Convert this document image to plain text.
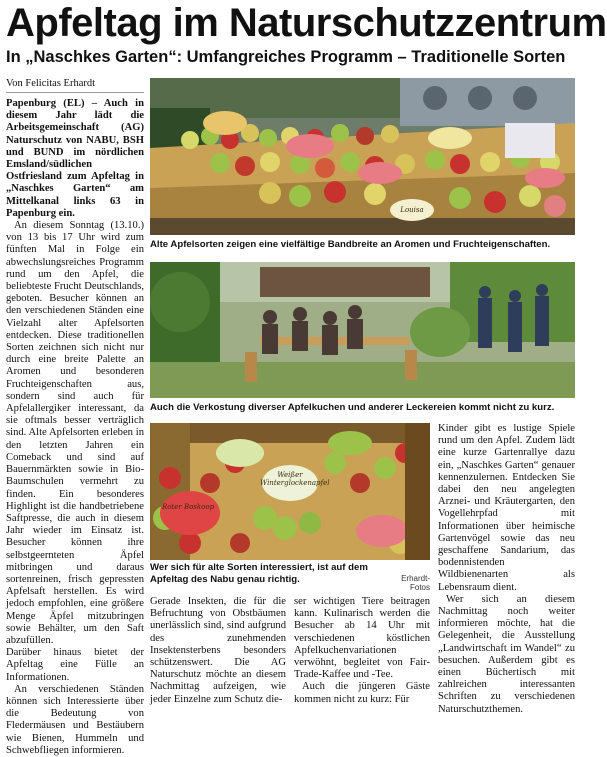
Apfeltag im Naturschutzzentrum
In „Naschkes Garten“: Umfangreiches Programm – Traditionelle Sorten
Von Felicitas Erhardt

Papenburg (EL) – Auch in diesem Jahr lädt die Arbeitsgemeinschaft (AG) Naturschutz von NABU, BSH und BUND im nördlichen Emsland/südlichen Ostfriesland zum Apfeltag in „Naschkes Garten“ am Mittelkanal links 63 in Papenburg ein.

An diesem Sonntag (13.10.) von 13 bis 17 Uhr wird zum fünften Mal in Folge ein abwechslungsreiches Programm rund um den Apfel, die beliebteste Frucht Deutschlands, geboten. Besucher können an den verschiedenen Ständen eine Vielzahl alter Apfelsorten entdecken. Diese traditionellen Sorten zeichnen sich nicht nur durch eine breite Palette an Aromen und besonderen Fruchteigenschaften aus, sondern sind auch für Apfelallergiker interessant, da sie oftmals besser verträglich sind. Alte Apfelsorten erleben in den letzten Jahren ein Comeback und sind auf Bauernmärkten sowie in Bio-Baumschulen vermehrt zu finden. Ein besonderes Highlight ist die handbetriebene Saftpresse, die auch in diesem Jahr wieder im Einsatz ist. Besucher können ihre selbstgeernteten Äpfel mitbringen und daraus sortenreinen, frisch gepressten Apfelsaft herstellen. Es wird jedoch empfohlen, eine größere Menge Äpfel mitzubringen sowie Behälter, um den Saft abzufüllen.

Darüber hinaus bietet der Apfeltag eine Fülle an Informationen.

An verschiedenen Ständen können sich Interessierte über die Bedeutung von Fledermäusen und Bestäubern wie Bienen, Hummeln und Schwebfliegen informieren.

Louisa
Alte Apfelsorten zeigen eine vielfältige Bandbreite an Aromen und Fruchteigenschaften.
Auch die Verkostung diverser Apfelkuchen und anderer Leckereien kommt nicht zu kurz.
Roter Boskoop
Weißer Winterglockenapfel
Wer sich für alte Sorten interessiert, ist auf dem Apfeltag des Nabu genau richtig.	Erhardt-Fotos

Gerade Insekten, die für die Befruchtung von Obstbäumen unerlässlich sind, sind aufgrund des zunehmenden Insektensterbens besonders schützenswert. Die AG Naturschutz möchte an diesem Nachmittag aufzeigen, wie jeder Einzelne zum Schutz die-

ser wichtigen Tiere beitragen kann. Kulinarisch werden die Besucher ab 14 Uhr mit verschiedenen köstlichen Apfelkuchenvariationen verwöhnt, begleitet von Fair-Trade-Kaffee und -Tee.

Auch die jüngeren Gäste kommen nicht zu kurz: Für

Kinder gibt es lustige Spiele rund um den Apfel. Zudem lädt eine kurze Gartenrallye dazu ein, „Naschkes Garten“ genauer kennenzulernen. Entdecken Sie dabei den neu angelegten Arznei- und Kräutergarten, den Vogellehrpfad mit Informationen über heimische Gartenvögel sowie das neu geschaffene Sandarium, das bodennistenden Wildbienenarten als Lebensraum dient.

Wer sich an diesem Nachmittag noch weiter informieren möchte, hat die Gelegenheit, die Ausstellung „Landwirtschaft im Wandel“ zu besuchen. Außerdem gibt es einen Büchertisch mit zahlreichen interessanten Schriften zu verschiedenen Naturschutzthemen.
